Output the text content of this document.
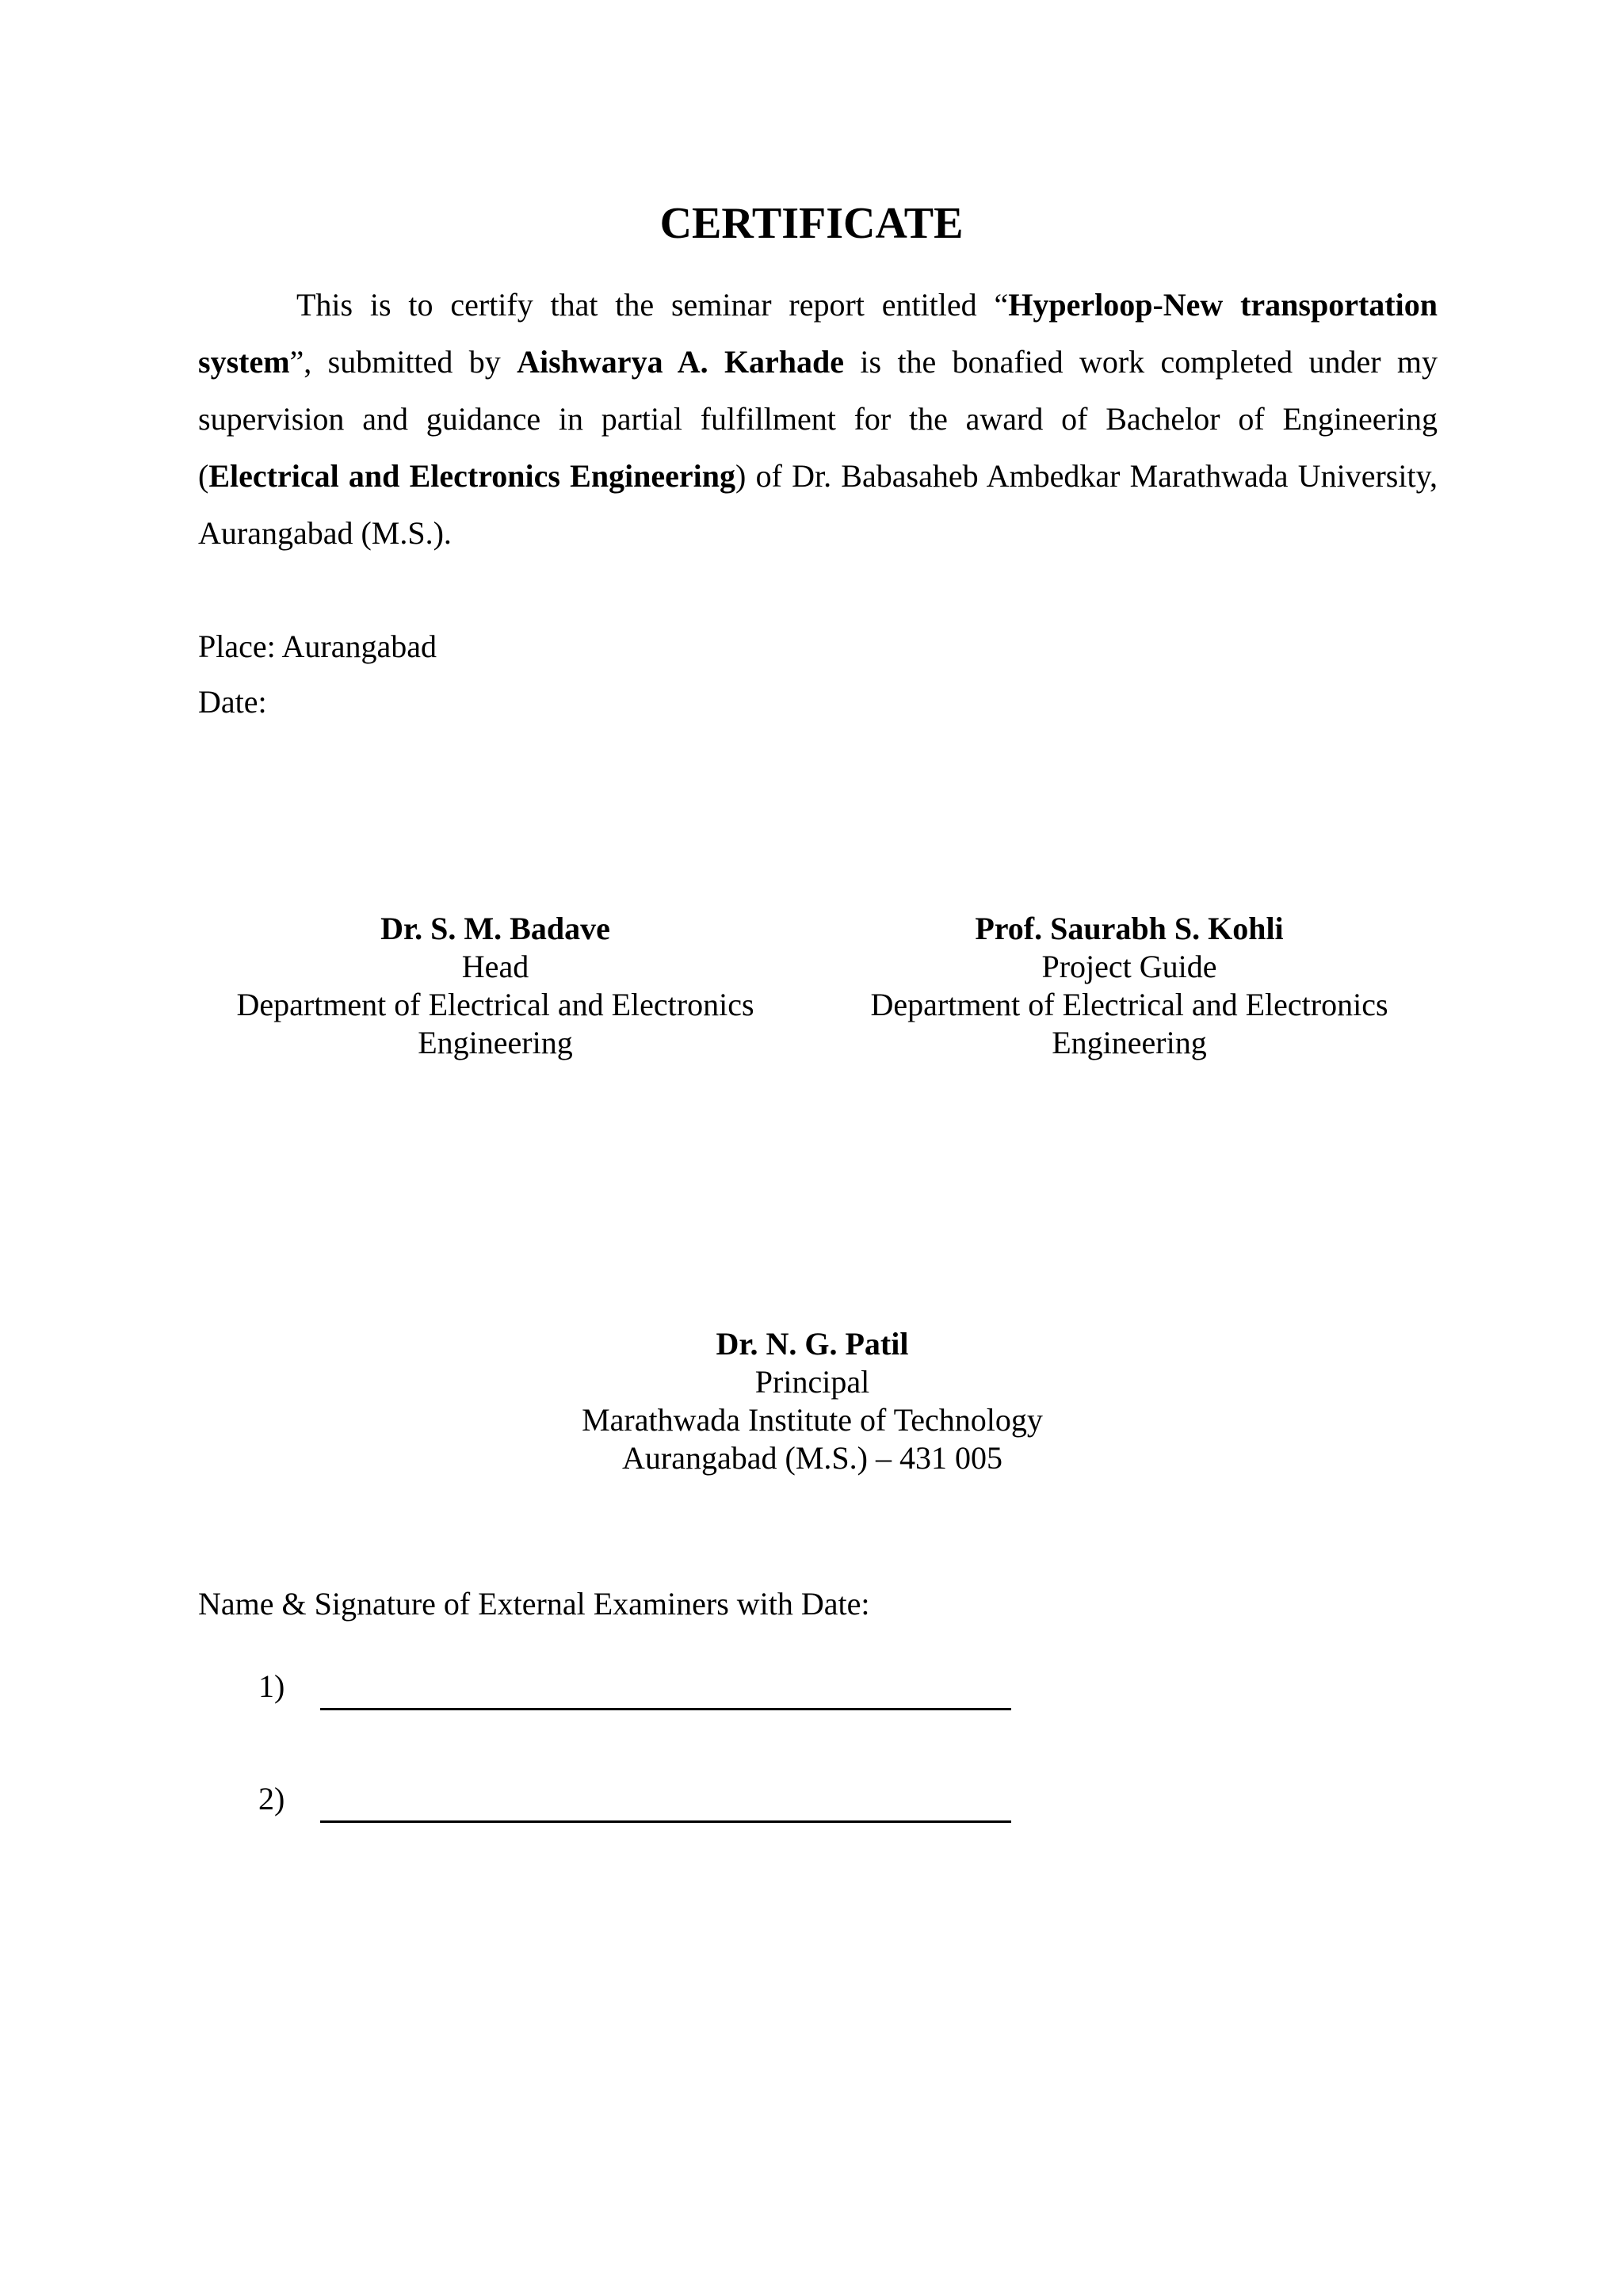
CERTIFICATE

This is to certify that the seminar report entitled “Hyperloop-New transportation system”, submitted by Aishwarya A. Karhade is the bonafied work completed under my supervision and guidance in partial fulfillment for the award of Bachelor of Engineering (Electrical and Electronics Engineering) of Dr. Babasaheb Ambedkar Marathwada University, Aurangabad (M.S.).

Place: Aurangabad
Date:
Dr. S. M. Badave
Head
Department of Electrical and Electronics
Engineering
Prof. Saurabh S. Kohli
Project Guide
Department of Electrical and Electronics
Engineering
Dr. N. G. Patil
Principal
Marathwada Institute of Technology
Aurangabad (M.S.) – 431 005
Name & Signature of External Examiners with Date:
1)
2)
